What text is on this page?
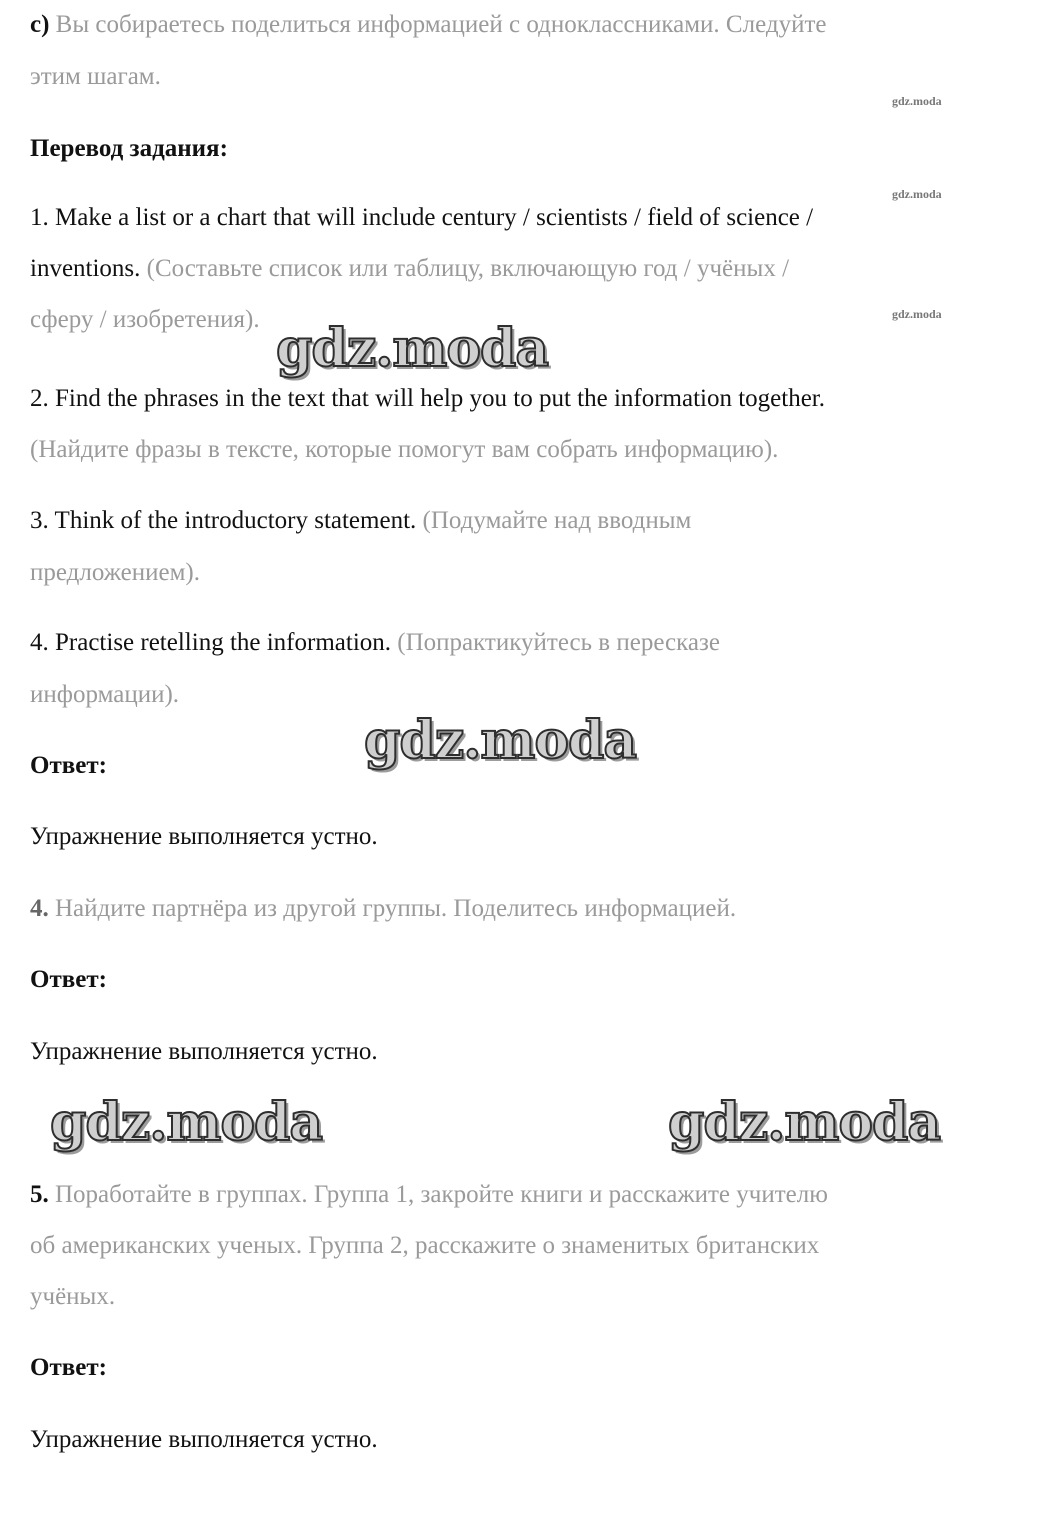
c) Вы собираетесь поделиться информацией с одноклассниками. Следуйте
этим шагам.
gdz.moda
Перевод задания:
gdz.moda
1. Make a list or a chart that will include century / scientists / field of science /
inventions. (Составьте список или таблицу, включающую год / учёных /
сферу / изобретения).	gdz.moda
gdz.moda
2. Find the phrases in the text that will help you to put the information together.
(Найдите фразы в тексте, которые помогут вам собрать информацию).
3. Think of the introductory statement. (Подумайте над вводным
предложением).
4. Practise retelling the information. (Попрактикуйтесь в пересказе
информации).
gdz.moda
Ответ:
Упражнение выполняется устно.
4. Найдите партнёра из другой группы. Поделитесь информацией.
Ответ:
Упражнение выполняется устно.
gdz.moda	gdz.moda
5. Поработайте в группах. Группа 1, закройте книги и расскажите учителю
об американских ученых. Группа 2, расскажите о знаменитых британских
учёных.
Ответ:
Упражнение выполняется устно.
